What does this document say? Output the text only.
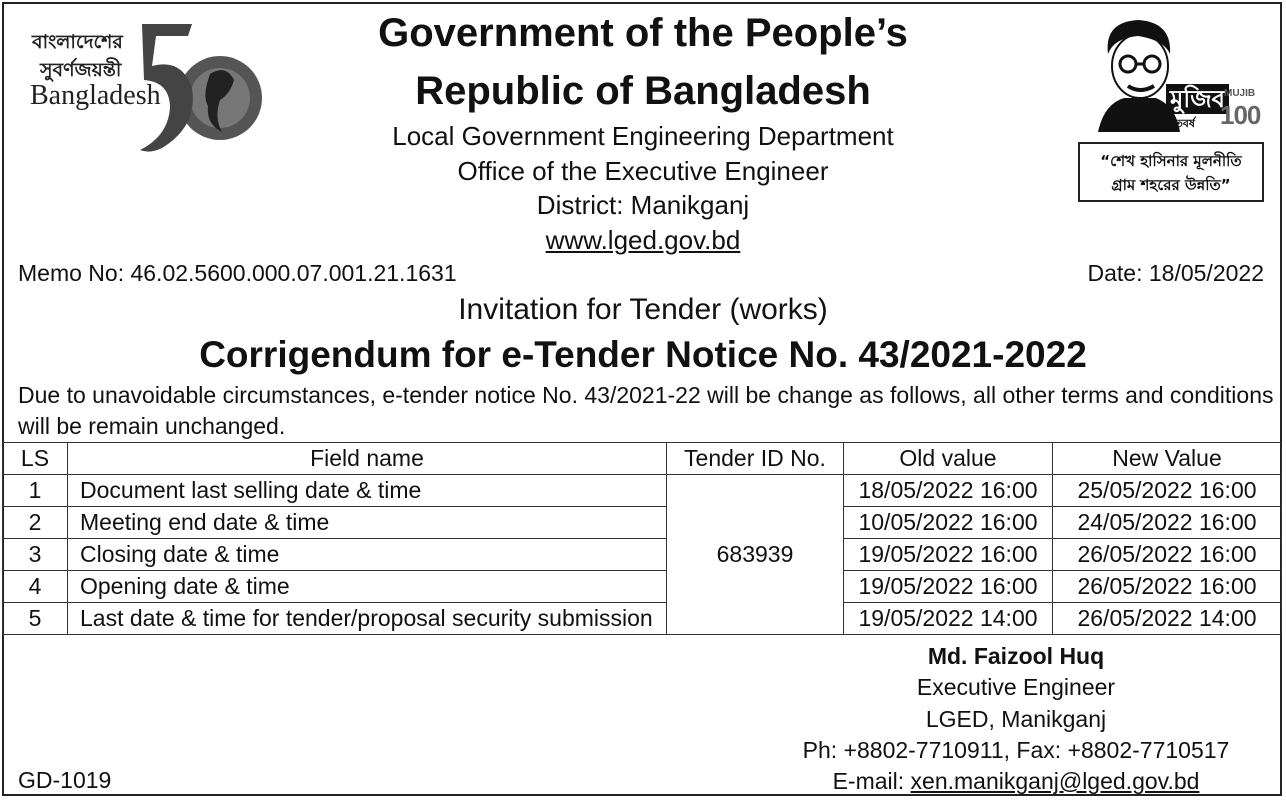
বাংলাদেশের
সুবর্ণজয়ন্তী
Bangladesh	মুজিব
শতবর্ষ
MUJIB
100
“শেখ হাসিনার মূলনীতি
গ্রাম শহরের উন্নতি”
Government of the People’s
Republic of Bangladesh
Local Government Engineering Department
Office of the Executive Engineer
District: Manikganj
www.lged.gov.bd
Memo No: 46.02.5600.000.07.001.21.1631	Date: 18/05/2022
Invitation for Tender (works)
Corrigendum for e-Tender Notice No. 43/2021-2022
Due to unavoidable circumstances, e-tender notice No. 43/2021-22 will be change as follows, all other terms and conditions
will be remain unchanged.
LS	Field name	Tender ID No.	Old value	New Value
1	Document last selling date & time	683939	18/05/2022 16:00	25/05/2022 16:00
2	Meeting end date & time		10/05/2022 16:00	24/05/2022 16:00
3	Closing date & time		19/05/2022 16:00	26/05/2022 16:00
4	Opening date & time		19/05/2022 16:00	26/05/2022 16:00
5	Last date & time for tender/proposal security submission		19/05/2022 14:00	26/05/2022 14:00
Md. Faizool Huq
Executive Engineer
LGED, Manikganj
Ph: +8802-7710911, Fax: +8802-7710517
E-mail: xen.manikganj@lged.gov.bd
GD-1019
